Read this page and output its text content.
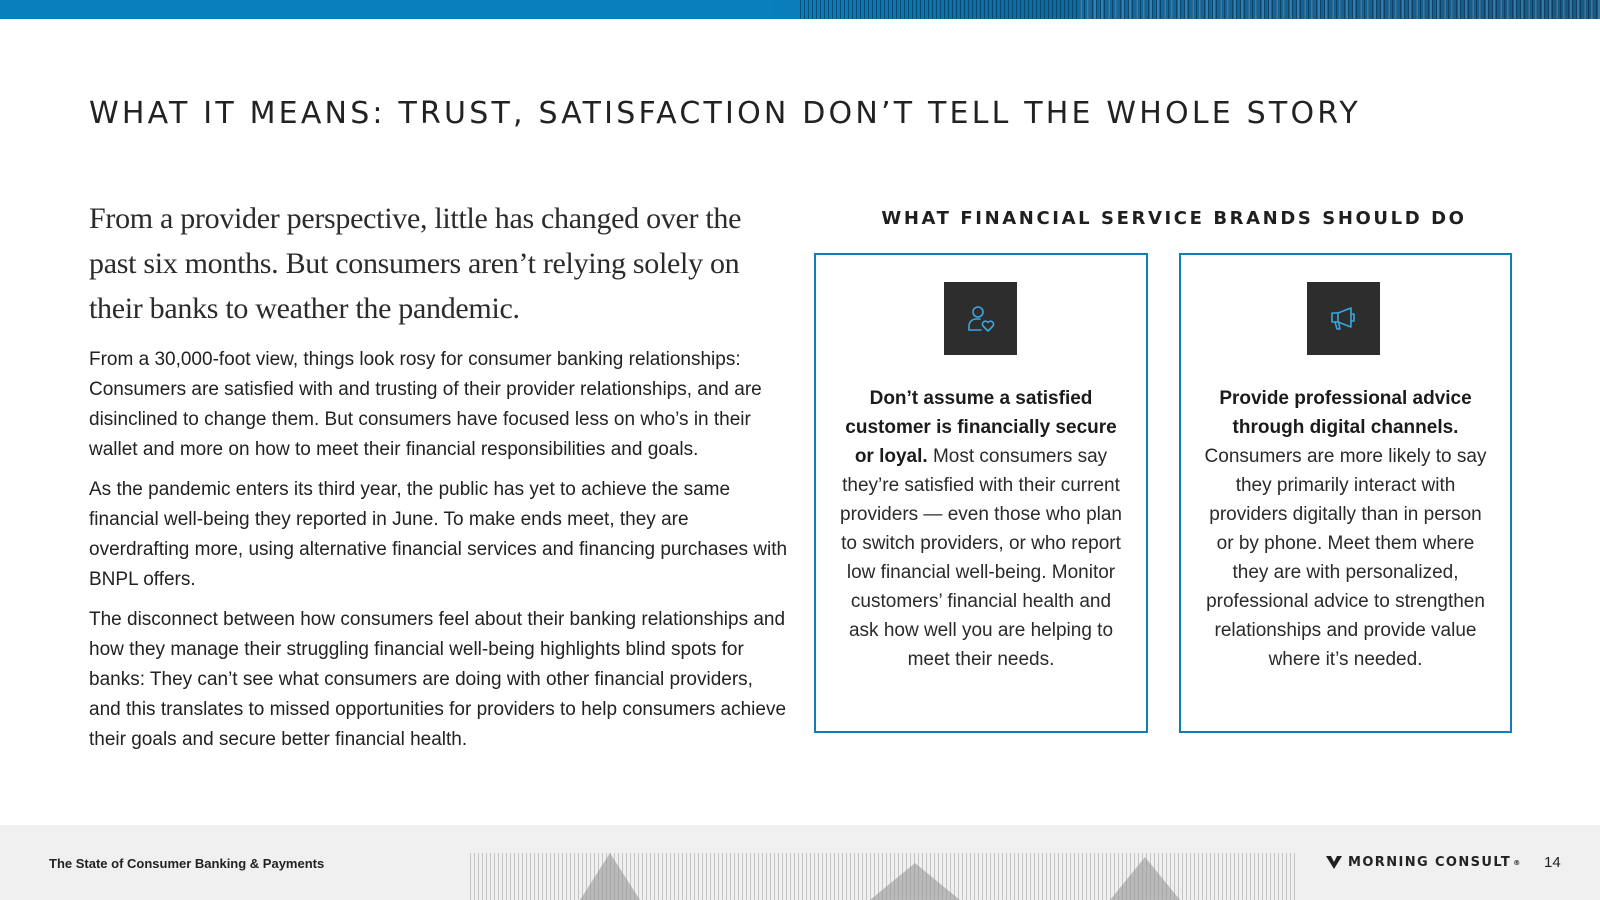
WHAT IT MEANS: TRUST, SATISFACTION DON’T TELL THE WHOLE STORY

From a provider perspective, little has changed over the past six months. But consumers aren’t relying solely on their banks to weather the pandemic.

From a 30,000-foot view, things look rosy for consumer banking relationships: Consumers are satisfied with and trusting of their provider relationships, and are disinclined to change them. But consumers have focused less on who’s in their wallet and more on how to meet their financial responsibilities and goals.

As the pandemic enters its third year, the public has yet to achieve the same financial well-being they reported in June. To make ends meet, they are overdrafting more, using alternative financial services and financing purchases with BNPL offers.

The disconnect between how consumers feel about their banking relationships and how they manage their struggling financial well-being highlights blind spots for banks: They can’t see what consumers are doing with other financial providers, and this translates to missed opportunities for providers to help consumers achieve their goals and secure better financial health.

WHAT FINANCIAL SERVICE BRANDS SHOULD DO
Don’t assume a satisfied customer is financially secure or loyal. Most consumers say they’re satisfied with their current providers — even those who plan to switch providers, or who report low financial well-being. Monitor customers’ financial health and ask how well you are helping to meet their needs.
Provide professional advice through digital channels. Consumers are more likely to say they primarily interact with providers digitally than in person or by phone. Meet them where they are with personalized, professional advice to strengthen relationships and provide value where it’s needed.
The State of Consumer Banking & Payments	MORNING CONSULT ® 14
